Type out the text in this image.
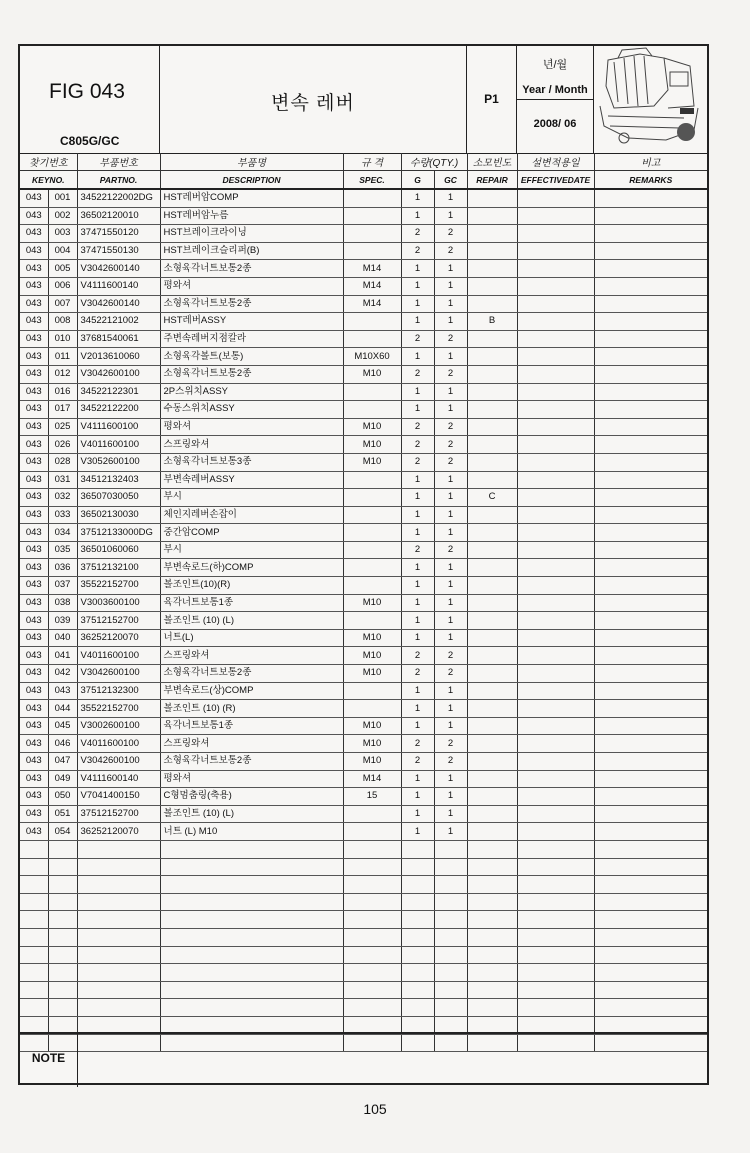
FIG 043
C805G/GC
변속 레버	P1
년/월
Year / Month
2008/ 06
찾기번호		부품번호	부품명	규 격	수량(QTY.)		소모빈도	설변적용일	비고
KEYNO.		PARTNO.	DESCRIPTION	SPEC.	G	GC	REPAIR	EFFECTIVEDATE	REMARKS
043	001	34522122002DG	HST레버암COMP		1	1			
043	002	36502120010	HST레버암누름		1	1			
043	003	37471550120	HST브레이크라이닝		2	2			
043	004	37471550130	HST브레이크슬리퍼(B)		2	2			
043	005	V3042600140	소형육각너트보통2종	M14	1	1			
043	006	V4111600140	평와셔	M14	1	1			
043	007	V3042600140	소형육각너트보통2종	M14	1	1			
043	008	34522121002	HST레버ASSY		1	1	B		
043	010	37681540061	주변속레버지점칼라		2	2			
043	011	V2013610060	소형육각볼트(보통)	M10X60	1	1			
043	012	V3042600100	소형육각너트보통2종	M10	2	2			
043	016	34522122301	2P스위치ASSY		1	1			
043	017	34522122200	수동스위치ASSY		1	1			
043	025	V4111600100	평와셔	M10	2	2			
043	026	V4011600100	스프링와셔	M10	2	2			
043	028	V3052600100	소형육각너트보통3종	M10	2	2			
043	031	34512132403	부변속레버ASSY		1	1			
043	032	36507030050	부시		1	1	C		
043	033	36502130030	체인지레버손잡이		1	1			
043	034	37512133000DG	중간암COMP		1	1			
043	035	36501060060	부시		2	2			
043	036	37512132100	부변속로드(하)COMP		1	1			
043	037	35522152700	볼조인트(10)(R)		1	1			
043	038	V3003600100	육각너트보통1종	M10	1	1			
043	039	37512152700	볼조인트 (10) (L)		1	1			
043	040	36252120070	너트(L)	M10	1	1			
043	041	V4011600100	스프링와셔	M10	2	2			
043	042	V3042600100	소형육각너트보통2종	M10	2	2			
043	043	37512132300	부변속로드(상)COMP		1	1			
043	044	35522152700	볼조인트 (10) (R)		1	1			
043	045	V3002600100	육각너트보통1종	M10	1	1			
043	046	V4011600100	스프링와셔	M10	2	2			
043	047	V3042600100	소형육각너트보통2종	M10	2	2			
043	049	V4111600140	평와셔	M14	1	1			
043	050	V7041400150	C형멈춤링(축용)	15	1	1			
043	051	37512152700	볼조인트 (10) (L)		1	1			
043	054	36252120070	너트 (L) M10		1	1			

NOTE
105
